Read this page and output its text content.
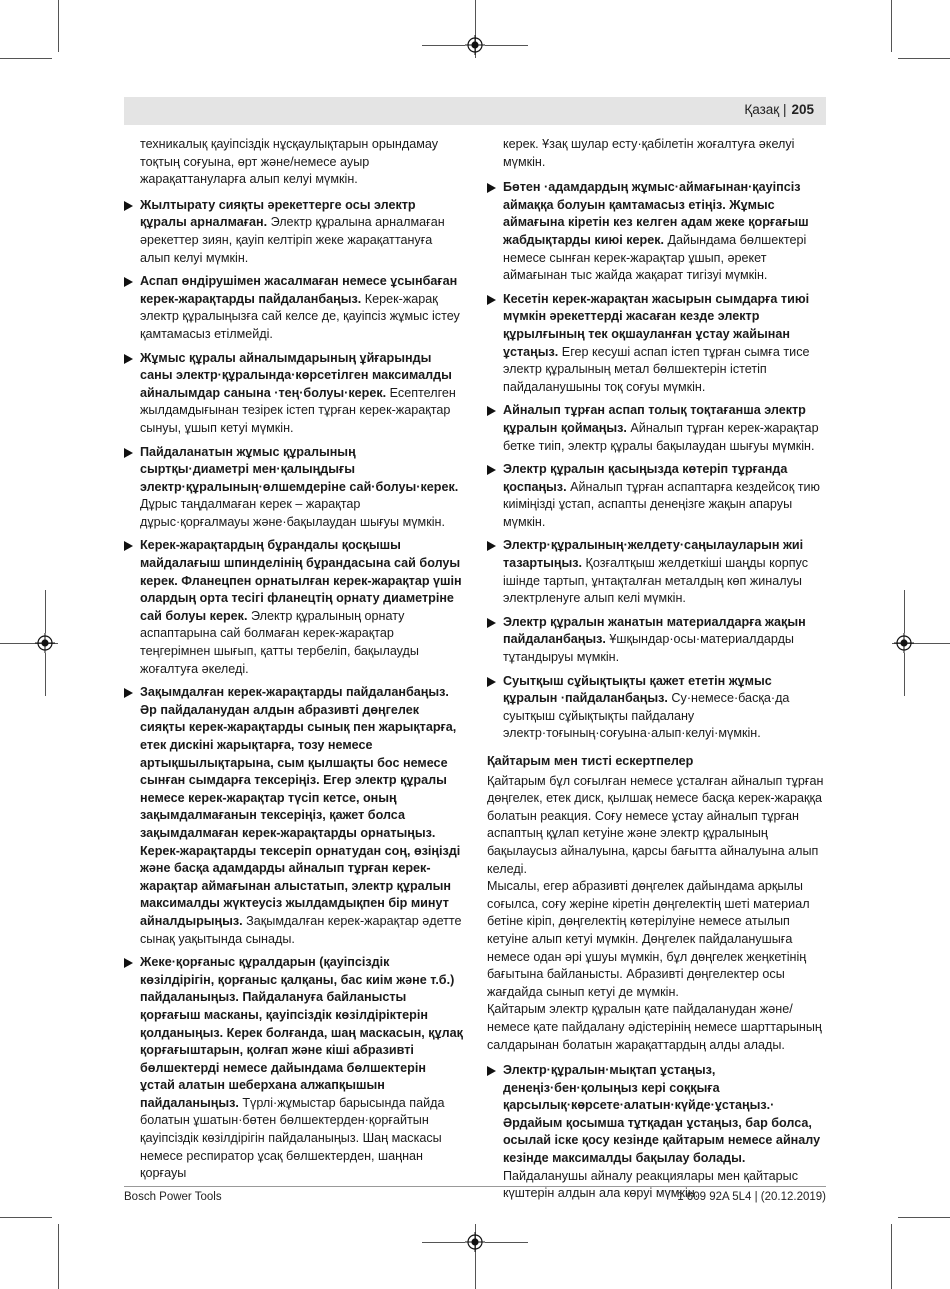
Қазақ | 205

техникалық қауіпсіздік нұсқаулықтарын орындамау тоқтың соғуына, өрт және/немесе ауыр жарақаттануларға алып келуі мүмкін.

Жылтырату сияқты әрекеттерге осы электр құралы арналмаған. Электр құралына арналмаған әрекеттер зиян, қауіп келтіріп жеке жарақаттануға алып келуі мүмкін.
Аспап өндірушімен жасалмаған немесе ұсынбаған керек-жарақтарды пайдаланбаңыз. Керек-жарақ электр құралыңызға сай келсе де, қауіпсіз жұмыс істеу қамтамасыз етілмейді.
Жұмыс құралы айналымдарының ұйғарынды саны электр·құралында·көрсетілген максималды айналымдар санына ·тең·болуы·керек. Есептелген жылдамдығынан тезірек істеп тұрған керек-жарақтар сынуы, ұшып кетуі мүмкін.
Пайдаланатын жұмыс құралының сыртқы·диаметрі мен·қалыңдығы электр·құралының·өлшемдеріне сай·болуы·керек. Дұрыс таңдалмаған керек – жарақтар дұрыс·қорғалмауы және·бақылаудан шығуы мүмкін.
Керек-жарақтардың бұрандалы қосқышы майдалағыш шпинделінің бұрандасына сай болуы керек. Фланецпен орнатылған керек-жарақтар үшін олардың орта тесігі фланецтің орнату диаметріне сай болуы керек. Электр құралының орнату аспаптарына сай болмаған керек-жарақтар теңгерімнен шығып, қатты тербеліп, бақылауды жоғалтуға әкеледі.
Зақымдалған керек-жарақтарды пайдаланбаңыз. Әр пайдаланудан алдын абразивті дөңгелек сияқты керек-жарақтарды сынық пен жарықтарға, етек дискіні жарықтарға, тозу немесе артықшылықтарына, сым қылшақты бос немесе сынған сымдарға тексеріңіз. Егер электр құралы немесе керек-жарақтар түсіп кетсе, оның зақымдалмағанын тексеріңіз, қажет болса зақымдалмаған керек-жарақтарды орнатыңыз. Керек-жарақтарды тексеріп орнатудан соң, өзіңізді және басқа адамдарды айналып тұрған керек-жарақтар аймағынан алыстатып, электр құралын максималды жүктеусіз жылдамдықпен бір минут айналдырыңыз. Зақымдалған керек-жарақтар әдетте сынақ уақытында сынады.
Жеке·қорғаныс құралдарын (қауіпсіздік көзілдірігін, қорғаныс қалқаны, бас киім және т.б.) пайдаланыңыз. Пайдалануға байланысты қорғағыш масканы, қауіпсіздік көзілдіріктерін қолданыңыз. Керек болғанда, шаң маскасын, құлақ қорғағыштарын, қолғап және кіші абразивті бөлшектерді немесе дайындама бөлшектерін ұстай алатын шеберхана алжапқышын пайдаланыңыз. Түрлі·жұмыстар барысында пайда болатын ұшатын·бөтен бөлшектерден·қорғайтын қауіпсіздік көзілдірігін пайдаланыңыз. Шаң маскасы немесе респиратор ұсақ бөлшектерден, шаңнан қорғауы

керек. Ұзақ шулар есту·қабілетін жоғалтуға әкелуі мүмкін.

Бөтен ·адамдардың жұмыс·аймағынан·қауіпсіз аймаққа болуын қамтамасыз етіңіз. Жұмыс аймағына кіретін кез келген адам жеке қорғағыш жабдықтарды киюі керек. Дайындама бөлшектері немесе сынған керек-жарақтар ұшып, әрекет аймағынан тыс жайда жақарат тигізуі мүмкін.
Кесетін керек-жарақтан жасырын сымдарға тиюі мүмкін әрекеттерді жасаған кезде электр құрылғының тек оқшауланған ұстау жайынан ұстаңыз. Егер кесуші аспап істеп тұрған сымға тисе электр құралының метал бөлшектерін істетіп пайдаланушыны тоқ соғуы мүмкін.
Айналып тұрған аспап толық тоқтағанша электр құралын қоймаңыз. Айналып тұрған керек-жарақтар бетке тиіп, электр құралы бақылаудан шығуы мүмкін.
Электр құралын қасыңызда көтеріп тұрғанда қоспаңыз. Айналып тұрған аспаптарға кездейсоқ тию киіміңізді ұстап, аспапты денеңізге жақын апаруы мүмкін.
Электр·құралының·желдету·саңылауларын жиі тазартыңыз. Қозғалтқыш желдеткіші шаңды корпус ішінде тартып, ұнтақталған металдың көп жиналуы электрленуге алып келі мүмкін.
Электр құралын жанатын материалдарға жақын пайдаланбаңыз. Ұшқындар·осы·материалдарды тұтандыруы мүмкін.
Суытқыш сұйықтықты қажет ететін жұмыс құралын ·пайдаланбаңыз. Су·немесе·басқа·да суытқыш сұйықтықты пайдалану электр·тоғының·соғуына·алып·келуі·мүмкін.
Қайтарым мен тисті ескертпелер

Қайтарым бұл соғылған немесе ұсталған айналып тұрған дөңгелек, етек диск, қылшақ немесе басқа керек-жараққа болатын реакция. Соғу немесе ұстау айналып тұрған аспаптың құлап кетуіне және электр құралының бақылаусыз айналуына, қарсы бағытта айналуына алып келеді.

Мысалы, егер абразивті дөңгелек дайындама арқылы соғылса, соғу жеріне кіретін дөңгелектің шеті материал бетіне кіріп, дөңгелектің көтерілуіне немесе атылып кетуіне алып кетуі мүмкін. Дөңгелек пайдаланушыға немесе одан әрі ұшуы мүмкін, бұл дөңгелек жеңкетінің бағытына байланысты. Абразивті дөңгелектер осы жағдайда сынып кетуі де мүмкін.

Қайтарым электр құралын қате пайдаланудан және/немесе қате пайдалану әдістерінің немесе шарттарының салдарынан болатын жарақаттардың алды алады.

Электр·құралын·мықтап ұстаңыз, денеңіз·бен·қолыңыз кері соққыға қарсылық·көрсете·алатын·күйде·ұстаңыз.· Әрдайым қосымша тұтқадан ұстаңыз, бар болса, осылай іске қосу кезінде қайтарым немесе айналу кезінде максималды бақылау болады. Пайдаланушы айналу реакциялары мен қайтарыс күштерін алдын ала көруі мүмкін.
Bosch Power Tools	1 609 92A 5L4 | (20.12.2019)
